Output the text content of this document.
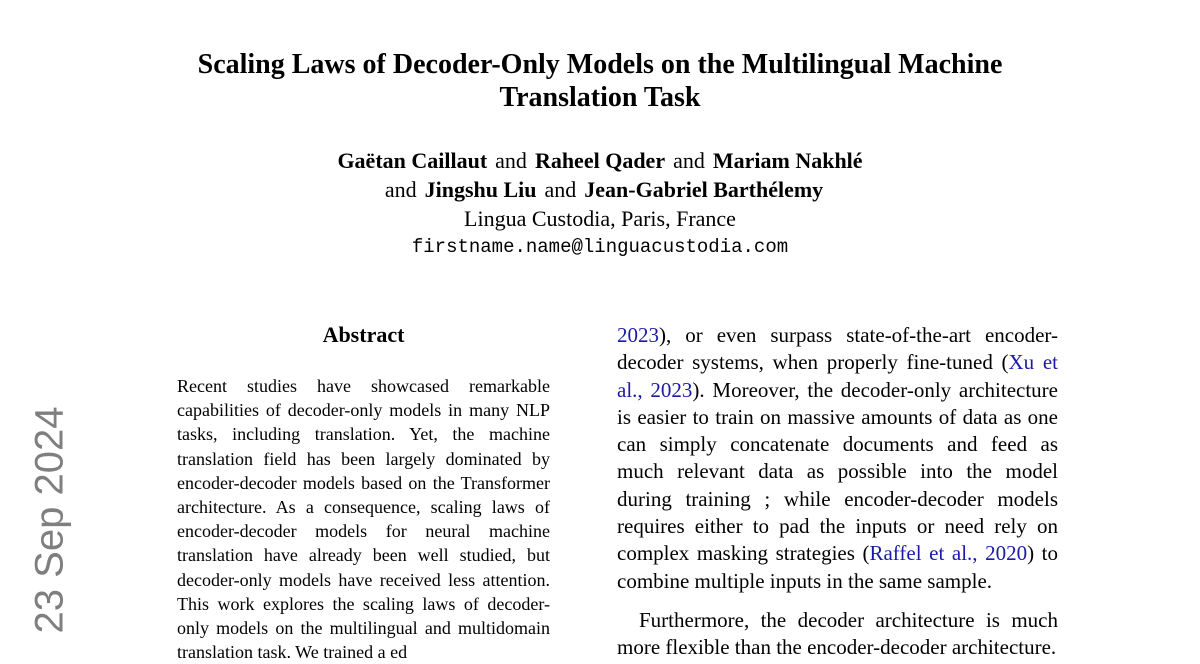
Scaling Laws of Decoder-Only Models on the Multilingual Machine Translation Task
Gaëtan Caillaut and Raheel Qader and Mariam Nakhlé
and Jingshu Liu and Jean-Gabriel Barthélemy
Lingua Custodia, Paris, France
firstname.name@linguacustodia.com
Abstract

Recent studies have showcased remarkable capabilities of decoder-only models in many NLP tasks, including translation. Yet, the machine translation field has been largely dominated by encoder-decoder models based on the Transformer architecture. As a consequence, scaling laws of encoder-decoder models for neural machine translation have already been well studied, but decoder-only models have received less attention. This work explores the scaling laws of decoder-only models on the multilingual and multidomain translation task. We trained a ed

2023), or even surpass state-of-the-art encoder-decoder systems, when properly fine-tuned (Xu et al., 2023). Moreover, the decoder-only architecture is easier to train on massive amounts of data as one can simply concatenate documents and feed as much relevant data as possible into the model during training ; while encoder-decoder models requires either to pad the inputs or need rely on complex masking strategies (Raffel et al., 2020) to combine multiple inputs in the same sample.

Furthermore, the decoder architecture is much more flexible than the encoder-decoder architecture.

23 Sep 2024
